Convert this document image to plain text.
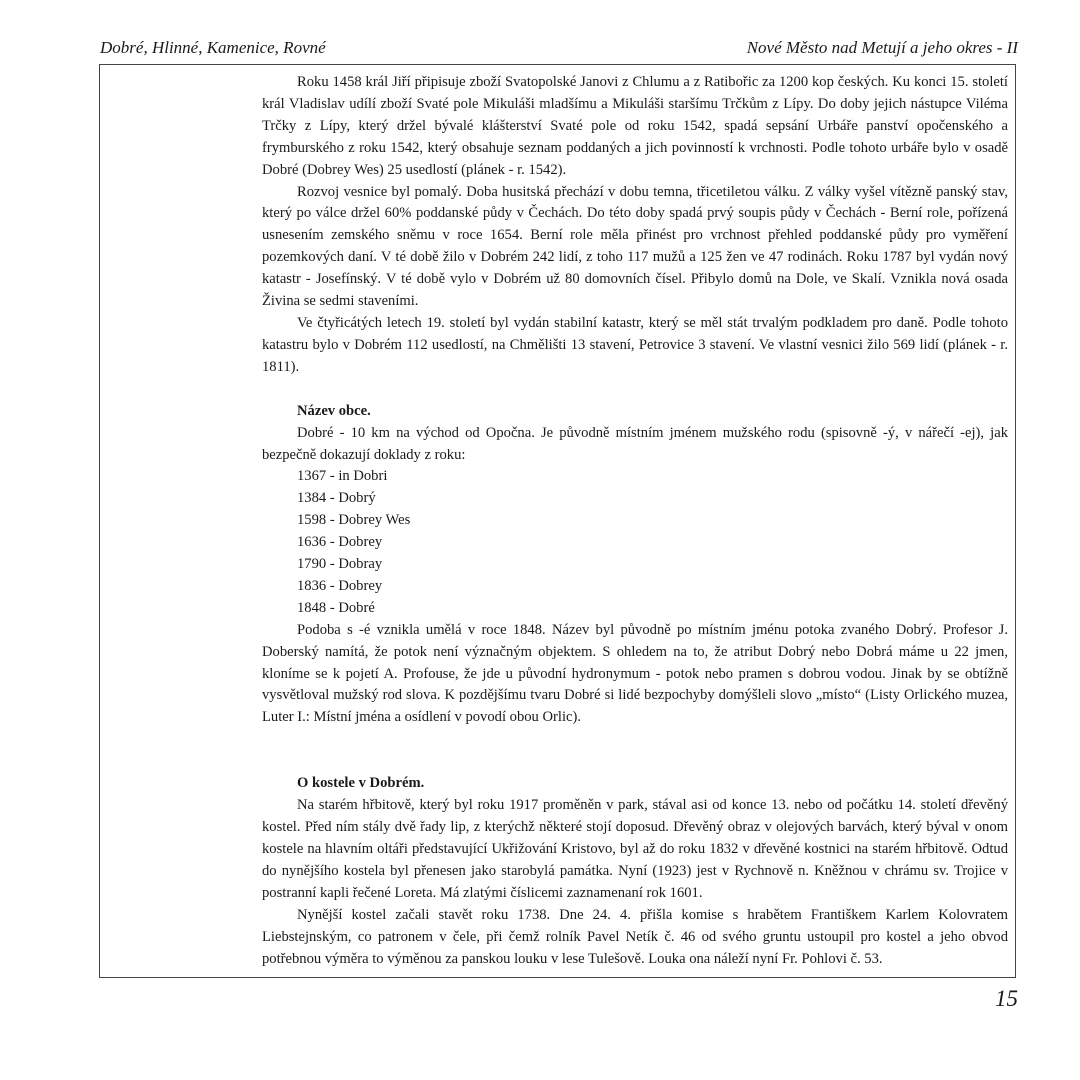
Dobré, Hlinné, Kamenice, Rovné	Nové Město nad Metují a jeho okres - II

Roku 1458 král Jiří připisuje zboží Svatopolské Janovi z Chlumu a z Ratibořic za 1200 kop českých. Ku konci 15. století král Vladislav udílí zboží Svaté pole Mikuláši mladšímu a Mikuláši staršímu Trčkům z Lípy. Do doby jejich nástupce Viléma Trčky z Lípy, který držel bývalé klášterství Svaté pole od roku 1542, spadá sepsání Urbáře panství opočenského a frymburského z roku 1542, který obsahuje seznam poddaných a jich povinností k vrchnosti. Podle tohoto urbáře bylo v osadě Dobré (Dobrey Wes) 25 usedlostí (plánek - r. 1542).

Rozvoj vesnice byl pomalý. Doba husitská přechází v dobu temna, třicetiletou válku. Z války vyšel vítězně panský stav, který po válce držel 60% poddanské půdy v Čechách. Do této doby spadá prvý soupis půdy v Čechách - Berní role, pořízená usnesením zemského sněmu v roce 1654. Berní role měla přinést pro vrchnost přehled poddanské půdy pro vyměření pozemkových daní. V té době žilo v Dobrém 242 lidí, z toho 117 mužů a 125 žen ve 47 rodinách. Roku 1787 byl vydán nový katastr - Josefínský. V té době vylo v Dobrém už 80 domovních čísel. Přibylo domů na Dole, ve Skalí. Vznikla nová osada Živina se sedmi staveními.

Ve čtyřicátých letech 19. století byl vydán stabilní katastr, který se měl stát trvalým podkladem pro daně. Podle tohoto katastru bylo v Dobrém 112 usedlostí, na Chmělišti 13 stavení, Petrovice 3 stavení. Ve vlastní vesnici žilo 569 lidí (plánek - r. 1811).

Název obce.

Dobré - 10 km na východ od Opočna. Je původně místním jménem mužského rodu (spisovně -ý, v nářečí -ej), jak bezpečně dokazují doklady z roku:

1367 - in Dobri

1384 - Dobrý

1598 - Dobrey Wes

1636 - Dobrey

1790 - Dobray

1836 - Dobrey

1848 - Dobré

Podoba s -é vznikla umělá v roce 1848. Název byl původně po místním jménu potoka zvaného Dobrý. Profesor J. Doberský namítá, že potok není význačným objektem. S ohledem na to, že atribut Dobrý nebo Dobrá máme u 22 jmen, kloníme se k pojetí A. Profouse, že jde u původní hydronymum - potok nebo pramen s dobrou vodou. Jinak by se obtížně vysvětloval mužský rod slova. K pozdějšímu tvaru Dobré si lidé bezpochyby domýšleli slovo „místo“ (Listy Orlického muzea, Luter I.: Místní jména a osídlení v povodí obou Orlic).

O kostele v Dobrém.

Na starém hřbitově, který byl roku 1917 proměněn v park, stával asi od konce 13. nebo od počátku 14. století dřevěný kostel. Před ním stály dvě řady lip, z kterýchž některé stojí doposud. Dřevěný obraz v olejových barvách, který býval v onom kostele na hlavním oltáři představující Ukřižování Kristovo, byl až do roku 1832 v dřevěné kostnici na starém hřbitově. Odtud do nynějšího kostela byl přenesen jako starobylá památka. Nyní (1923) jest v Rychnově n. Kněžnou v chrámu sv. Trojice v postranní kapli řečené Loreta. Má zlatými číslicemi zaznamenaní rok 1601.

Nynější kostel začali stavět roku 1738. Dne 24. 4. přišla komise s hrabětem Františkem Karlem Kolovratem Liebstejnským, co patronem v čele, při čemž rolník Pavel Netík č. 46 od svého gruntu ustoupil pro kostel a jeho obvod potřebnou výměra to výměnou za panskou louku v lese Tulešově. Louka ona náleží nyní Fr. Pohlovi č. 53.

15
